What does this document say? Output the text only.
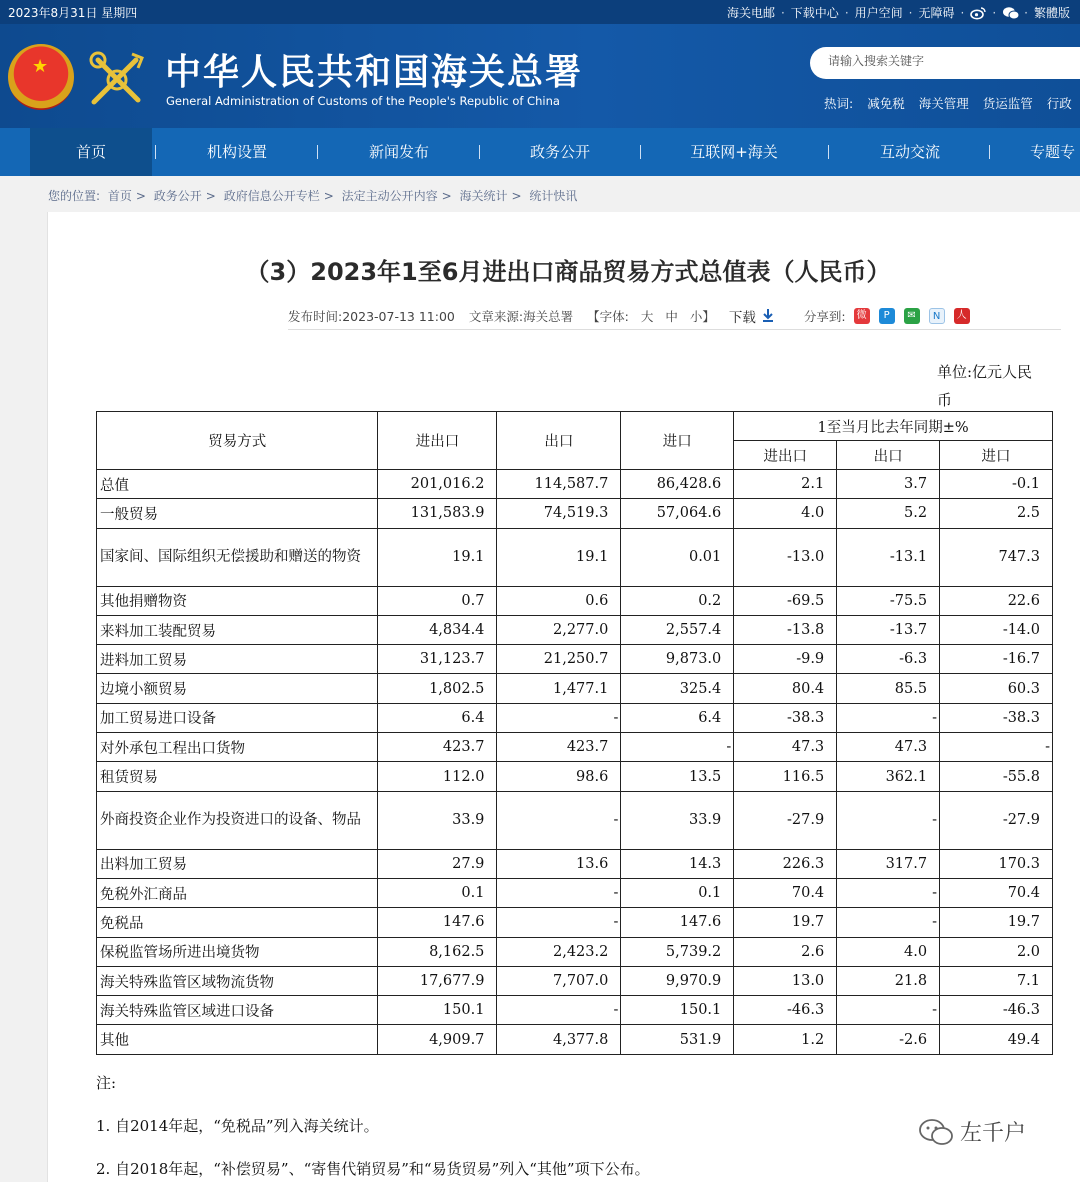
2023年8月31日 星期四	海关电邮 · 下载中心 · 用户空间 · 无障碍 · · · 繁體版
★	中华人民共和国海关总署
General Administration of Customs of the People's Republic of China
请输入搜索关键字	热词: 减免税 海关管理 货运监管 行政
首页	机构设置	新闻发布	政务公开	互联网+海关	互动交流	专题专
您的位置: 首页 > 政务公开 > 政府信息公开专栏 > 法定主动公开内容 > 海关统计 > 统计快讯
（3）2023年1至6月进出口商品贸易方式总值表（人民币）
发布时间: 2023-07-13 11:00 文章来源: 海关总署 【字体: 大 中 小】 下载	分享到:	微	P	✉	N	人
单位:亿元人民
币
贸易方式	进出口	出口	进口	1至当月比去年同期±%		
				进出口	出口	进口
总值	201,016.2	114,587.7	86,428.6	2.1	3.7	-0.1
一般贸易	131,583.9	74,519.3	57,064.6	4.0	5.2	2.5
国家间、国际组织无偿援助和赠送的物资	19.1	19.1	0.01	-13.0	-13.1	747.3
其他捐赠物资	0.7	0.6	0.2	-69.5	-75.5	22.6
来料加工装配贸易	4,834.4	2,277.0	2,557.4	-13.8	-13.7	-14.0
进料加工贸易	31,123.7	21,250.7	9,873.0	-9.9	-6.3	-16.7
边境小额贸易	1,802.5	1,477.1	325.4	80.4	85.5	60.3
加工贸易进口设备	6.4	-	6.4	-38.3	-	-38.3
对外承包工程出口货物	423.7	423.7	-	47.3	47.3	-
租赁贸易	112.0	98.6	13.5	116.5	362.1	-55.8
外商投资企业作为投资进口的设备、物品	33.9	-	33.9	-27.9	-	-27.9
出料加工贸易	27.9	13.6	14.3	226.3	317.7	170.3
免税外汇商品	0.1	-	0.1	70.4	-	70.4
免税品	147.6	-	147.6	19.7	-	19.7
保税监管场所进出境货物	8,162.5	2,423.2	5,739.2	2.6	4.0	2.0
海关特殊监管区域物流货物	17,677.9	7,707.0	9,970.9	13.0	21.8	7.1
海关特殊监管区域进口设备	150.1	-	150.1	-46.3	-	-46.3
其他	4,909.7	4,377.8	531.9	1.2	-2.6	49.4

注:

1. 自2014年起，“免税品”列入海关统计。

2. 自2018年起，“补偿贸易”、“寄售代销贸易”和“易货贸易”列入“其他”项下公布。

左千户
